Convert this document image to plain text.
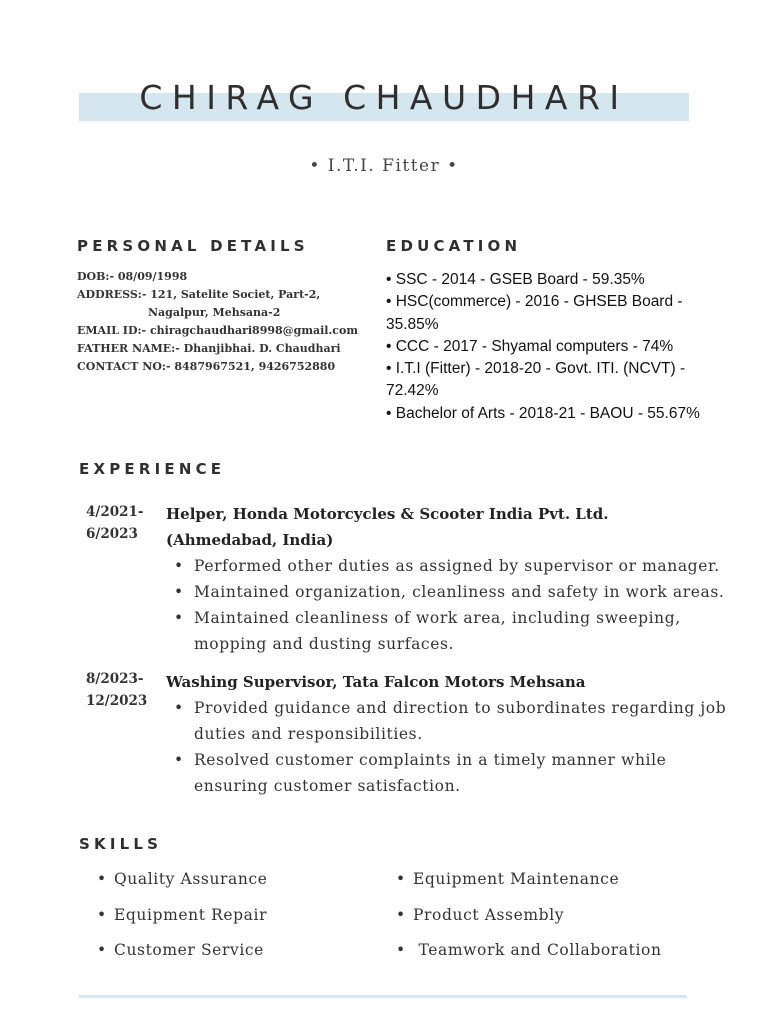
CHIRAG CHAUDHARI
• I.T.I. Fitter •
PERSONAL DETAILS
DOB:- 08/09/1998
ADDRESS:- 121, Satelite Societ, Part-2,
Nagalpur, Mehsana-2
EMAIL ID:- chiragchaudhari8998@gmail.com
FATHER NAME:- Dhanjibhai. D. Chaudhari
CONTACT NO:- 8487967521, 9426752880
EDUCATION
• SSC - 2014 - GSEB Board - 59.35%
• HSC(commerce) - 2016 - GHSEB Board - 35.85%
• CCC - 2017 - Shyamal computers - 74%
• I.T.I (Fitter) - 2018-20 - Govt. ITI. (NCVT) - 72.42%
• Bachelor of Arts - 2018-21 - BAOU - 55.67%
EXPERIENCE
4/2021-
6/2023
Helper, Honda Motorcycles & Scooter India Pvt. Ltd. (Ahmedabad, India)
• Performed other duties as assigned by supervisor or manager.
• Maintained organization, cleanliness and safety in work areas.
• Maintained cleanliness of work area, including sweeping, mopping and dusting surfaces.
8/2023-
12/2023
Washing Supervisor, Tata Falcon Motors Mehsana
• Provided guidance and direction to subordinates regarding job duties and responsibilities.
• Resolved customer complaints in a timely manner while ensuring customer satisfaction.
SKILLS
• Quality Assurance
• Equipment Repair
• Customer Service
• Equipment Maintenance
• Product Assembly
•  Teamwork and Collaboration
